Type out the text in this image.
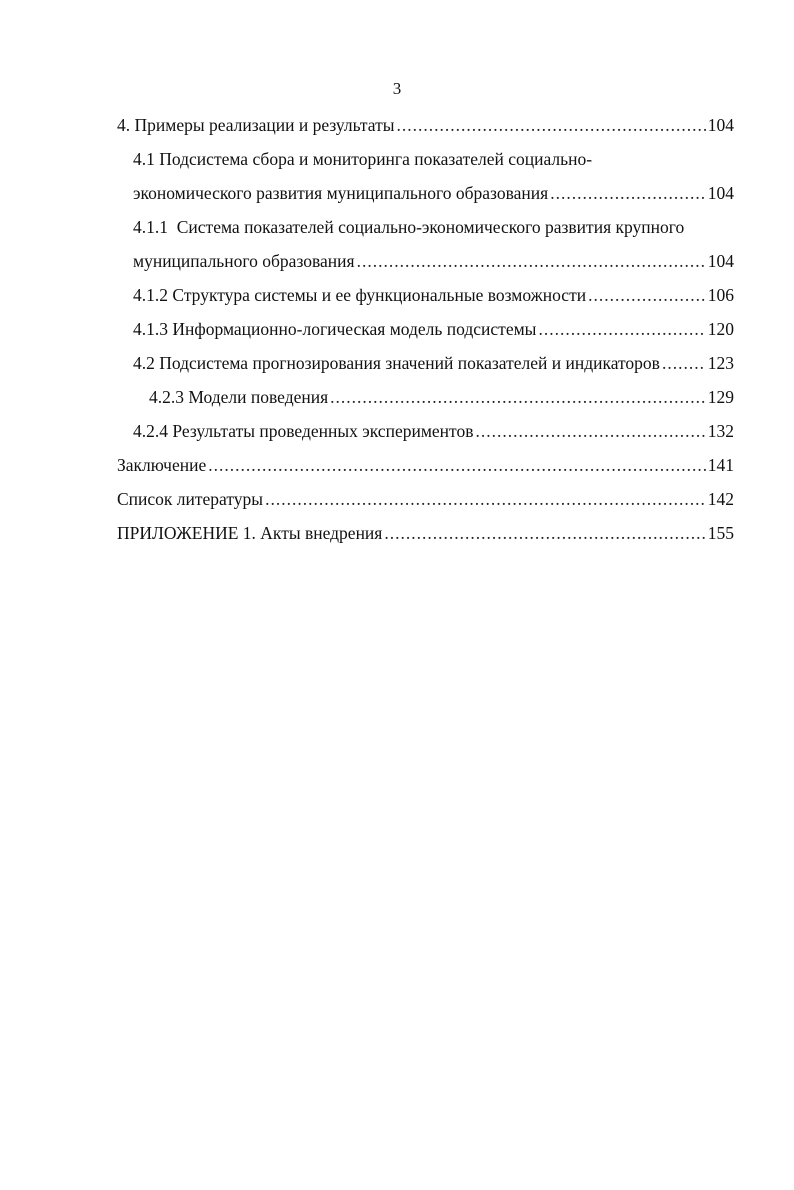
3
4. Примеры реализации и результаты .....	104
4.1 Подсистема сбора и мониторинга показателей социально-
экономического развития муниципального образования .....	104
4.1.1  Система показателей социально-экономического развития крупного
муниципального образования .....	104
4.1.2 Структура системы и ее функциональные возможности .....	106
4.1.3 Информационно-логическая модель подсистемы .....	120
4.2 Подсистема прогнозирования значений показателей и индикаторов .....	123
4.2.3 Модели поведения .....	129
4.2.4 Результаты проведенных экспериментов .....	132
Заключение .....	141
Список литературы .....	142
ПРИЛОЖЕНИЕ 1. Акты внедрения .....	155
